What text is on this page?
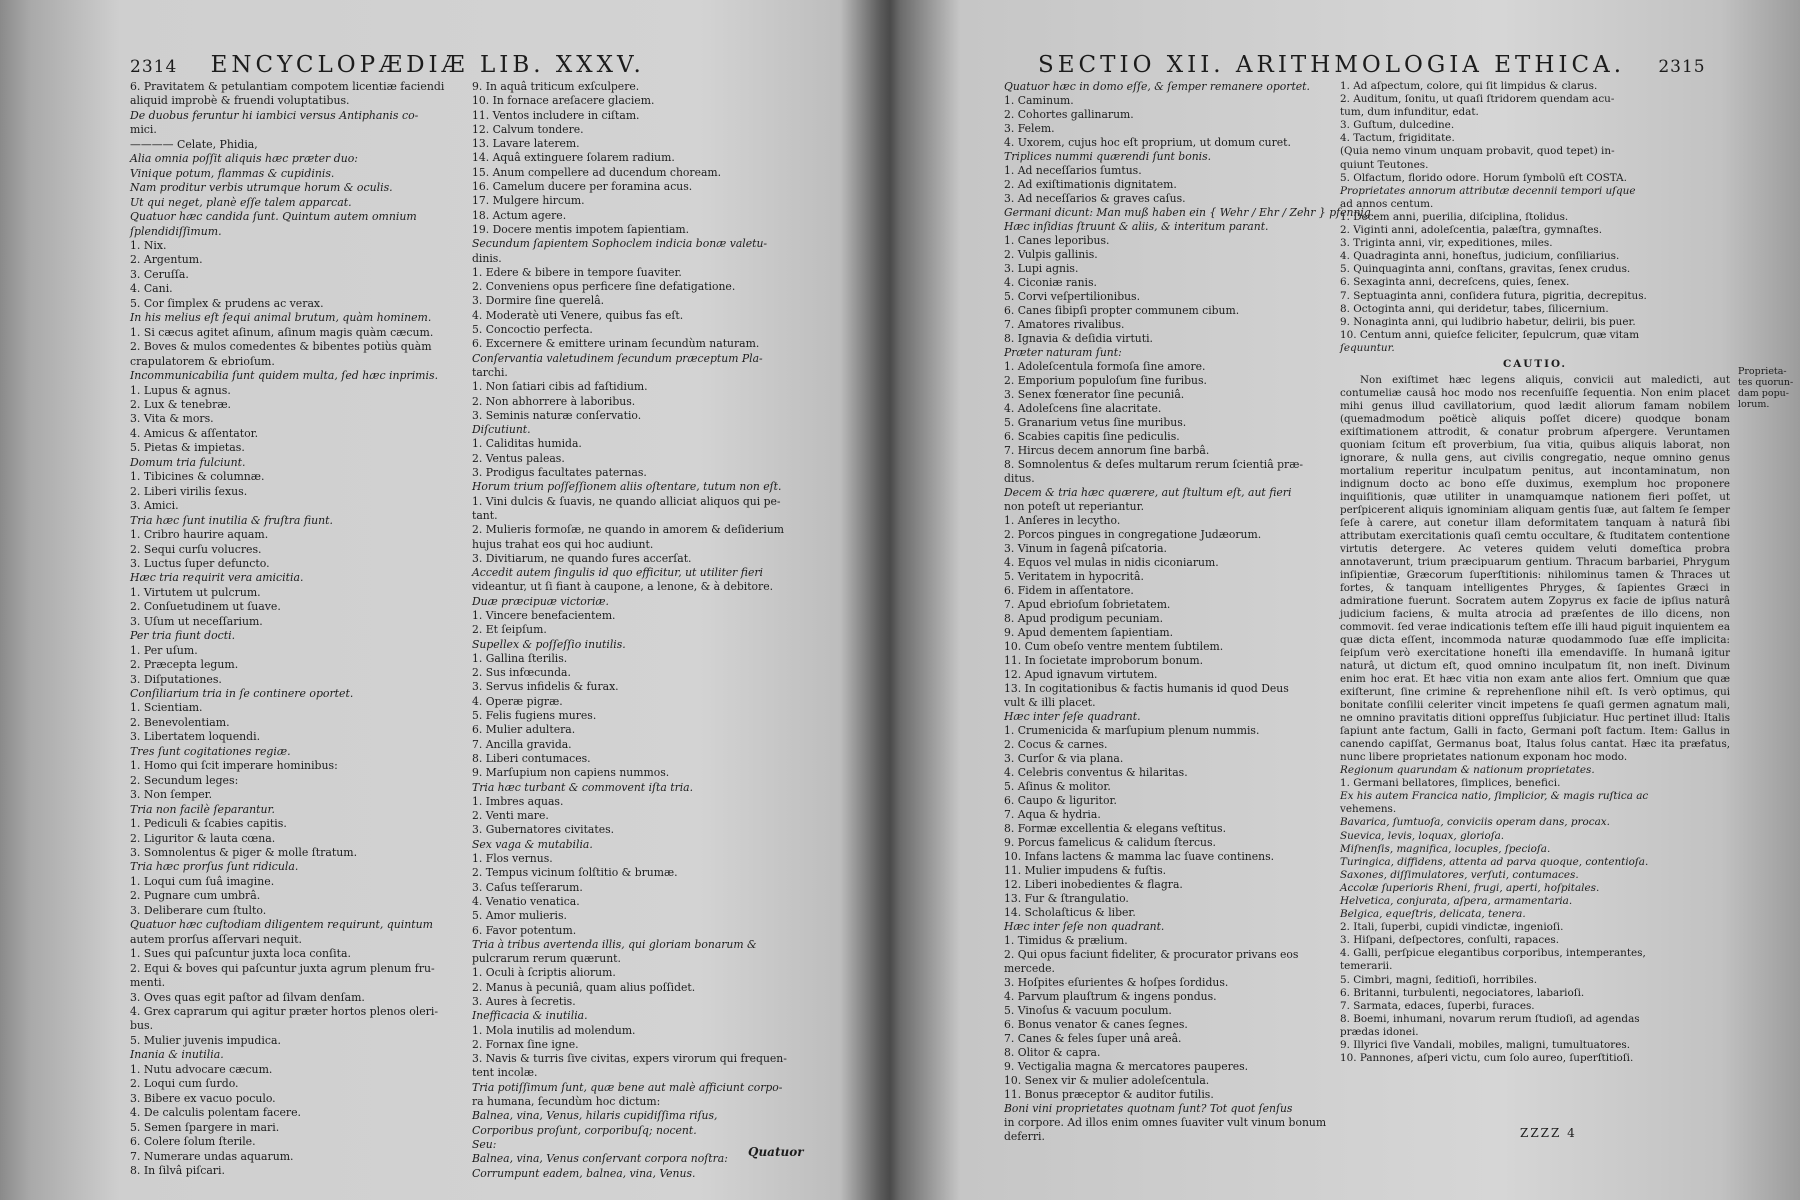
2314 ENCYCLOPÆDIÆ LIB. XXXV.

6. Pravitatem & petulantiam compotem licentiæ faciendi

aliquid improbè & fruendi voluptatibus.

De duobus feruntur hi iambici versus Antiphanis co-

mici.

———— Celate, Phidia,

Alia omnia poſſit aliquis hæc præter duo:

Vinique potum, flammas & cupidinis.

Nam proditur verbis utrumque horum & oculis.

Ut qui neget, planè eſſe talem apparcat.

Quatuor hæc candida ſunt. Quintum autem omnium

ſplendidiſſimum.

1. Nix.

2. Argentum.

3. Ceruſſa.

4. Cani.

5. Cor ſimplex & prudens ac verax.

In his melius eſt ſequi animal brutum, quàm hominem.

1. Si cæcus agitet aſinum, aſinum magis quàm cæcum.

2. Boves & mulos comedentes & bibentes potiùs quàm

crapulatorem & ebrioſum.

Incommunicabilia ſunt quidem multa, ſed hæc inprimis.

1. Lupus & agnus.

2. Lux & tenebræ.

3. Vita & mors.

4. Amicus & aſſentator.

5. Pietas & impietas.

Domum tria fulciunt.

1. Tibicines & columnæ.

2. Liberi virilis ſexus.

3. Amici.

Tria hæc ſunt inutilia & fruſtra fiunt.

1. Cribro haurire aquam.

2. Sequi curſu volucres.

3. Luctus ſuper defuncto.

Hæc tria requirit vera amicitia.

1. Virtutem ut pulcrum.

2. Conſuetudinem ut ſuave.

3. Uſum ut neceſſarium.

Per tria fiunt docti.

1. Per uſum.

2. Præcepta legum.

3. Diſputationes.

Conſiliarium tria in ſe continere oportet.

1. Scientiam.

2. Benevolentiam.

3. Libertatem loquendi.

Tres ſunt cogitationes regiæ.

1. Homo qui ſcit imperare hominibus:

2. Secundum leges:

3. Non ſemper.

Tria non facilè ſeparantur.

1. Pediculi & ſcabies capitis.

2. Liguritor & lauta cœna.

3. Somnolentus & piger & molle ſtratum.

Tria hæc prorſus ſunt ridicula.

1. Loqui cum ſuâ imagine.

2. Pugnare cum umbrâ.

3. Deliberare cum ſtulto.

Quatuor hæc cuſtodiam diligentem requirunt, quintum

autem prorſus aſſervari nequit.

1. Sues qui paſcuntur juxta loca conſita.

2. Equi & boves qui paſcuntur juxta agrum plenum fru-

menti.

3. Oves quas egit paſtor ad ſilvam denſam.

4. Grex caprarum qui agitur præter hortos plenos oleri-

bus.

5. Mulier juvenis impudica.

Inania & inutilia.

1. Nutu advocare cæcum.

2. Loqui cum ſurdo.

3. Bibere ex vacuo poculo.

4. De calculis polentam facere.

5. Semen ſpargere in mari.

6. Colere ſolum ſterile.

7. Numerare undas aquarum.

8. In ſilvâ piſcari.

9. In aquâ triticum exſculpere.

10. In fornace areſacere glaciem.

11. Ventos includere in ciſtam.

12. Calvum tondere.

13. Lavare laterem.

14. Aquâ extinguere ſolarem radium.

15. Anum compellere ad ducendum choream.

16. Camelum ducere per foramina acus.

17. Mulgere hircum.

18. Actum agere.

19. Docere mentis impotem ſapientiam.

Secundum ſapientem Sophoclem indicia bonæ valetu-

dinis.

1. Edere & bibere in tempore ſuaviter.

2. Conveniens opus perficere ſine defatigatione.

3. Dormire ſine querelâ.

4. Moderatè uti Venere, quibus fas eſt.

5. Concoctio perfecta.

6. Excernere & emittere urinam ſecundùm naturam.

Conſervantia valetudinem ſecundum præceptum Pla-

tarchi.

1. Non ſatiari cibis ad faſtidium.

2. Non abhorrere à laboribus.

3. Seminis naturæ conſervatio.

Diſcutiunt.

1. Caliditas humida.

2. Ventus paleas.

3. Prodigus facultates paternas.

Horum trium poſſeſſionem aliis oſtentare, tutum non eſt.

1. Vini dulcis & ſuavis, ne quando alliciat aliquos qui pe-

tant.

2. Mulieris formoſæ, ne quando in amorem & deſiderium

hujus trahat eos qui hoc audiunt.

3. Divitiarum, ne quando fures accerſat.

Accedit autem ſingulis id quo efficitur, ut utiliter fieri

videantur, ut ſi fiant à caupone, a lenone, & à debitore.

Duæ præcipuæ victoriæ.

1. Vincere benefacientem.

2. Et ſeipſum.

Supellex & poſſeſſio inutilis.

1. Gallina ſterilis.

2. Sus infœcunda.

3. Servus infidelis & furax.

4. Operæ pigræ.

5. Felis fugiens mures.

6. Mulier adultera.

7. Ancilla gravida.

8. Liberi contumaces.

9. Marſupium non capiens nummos.

Tria hæc turbant & commovent iſta tria.

1. Imbres aquas.

2. Venti mare.

3. Gubernatores civitates.

Sex vaga & mutabilia.

1. Flos vernus.

2. Tempus vicinum ſolſtitio & brumæ.

3. Caſus teſſerarum.

4. Venatio venatica.

5. Amor mulieris.

6. Favor potentum.

Tria à tribus avertenda illis, qui gloriam bonarum &

pulcrarum rerum quærunt.

1. Oculi à ſcriptis aliorum.

2. Manus à pecuniâ, quam alius poſſidet.

3. Aures à ſecretis.

Inefficacia & inutilia.

1. Mola inutilis ad molendum.

2. Fornax ſine igne.

3. Navis & turris ſive civitas, expers virorum qui frequen-

tent incolæ.

Tria potiſſimum ſunt, quæ bene aut malè afficiunt corpo-

ra humana, ſecundùm hoc dictum:

Balnea, vina, Venus, hilaris cupidiſſima riſus,

Corporibus proſunt, corporibuſq; nocent.

Seu:

Balnea, vina, Venus conſervant corpora noſtra:

Corrumpunt eadem, balnea, vina, Venus.

Quatuor
SECTIO XII. ARITHMOLOGIA ETHICA. 2315

Quatuor hæc in domo eſſe, & ſemper remanere oportet.

1. Caminum.

2. Cohortes gallinarum.

3. Felem.

4. Uxorem, cujus hoc eſt proprium, ut domum curet.

Triplices nummi quærendi ſunt bonis.

1. Ad neceſſarios ſumtus.

2. Ad exiſtimationis dignitatem.

3. Ad neceſſarios & graves caſus.

Germani dicunt: Man muß haben ein { Wehr / Ehr / Zehr } pfennig.

Hæc inſidias ſtruunt & aliis, & interitum parant.

1. Canes leporibus.

2. Vulpis gallinis.

3. Lupi agnis.

4. Ciconiæ ranis.

5. Corvi veſpertilionibus.

6. Canes ſibipſi propter communem cibum.

7. Amatores rivalibus.

8. Ignavia & deſidia virtuti.

Præter naturam ſunt:

1. Adoleſcentula formoſa ſine amore.

2. Emporium populoſum ſine furibus.

3. Senex fœnerator ſine pecuniâ.

4. Adoleſcens ſine alacritate.

5. Granarium vetus ſine muribus.

6. Scabies capitis ſine pediculis.

7. Hircus decem annorum ſine barbâ.

8. Somnolentus & deſes multarum rerum ſcientiâ præ-

ditus.

Decem & tria hæc quærere, aut ſtultum eſt, aut fieri

non poteſt ut reperiantur.

1. Anſeres in lecytho.

2. Porcos pingues in congregatione Judæorum.

3. Vinum in ſagenâ piſcatoria.

4. Equos vel mulas in nidis ciconiarum.

5. Veritatem in hypocritâ.

6. Fidem in aſſentatore.

7. Apud ebrioſum ſobrietatem.

8. Apud prodigum pecuniam.

9. Apud dementem ſapientiam.

10. Cum obeſo ventre mentem ſubtilem.

11. In ſocietate improborum bonum.

12. Apud ignavum virtutem.

13. In cogitationibus & factis humanis id quod Deus

vult & illi placet.

Hæc inter ſeſe quadrant.

1. Crumenicida & marſupium plenum nummis.

2. Cocus & carnes.

3. Curſor & via plana.

4. Celebris conventus & hilaritas.

5. Aſinus & molitor.

6. Caupo & liguritor.

7. Aqua & hydria.

8. Formæ excellentia & elegans veſtitus.

9. Porcus famelicus & calidum ſtercus.

10. Infans lactens & mamma lac ſuave continens.

11. Mulier impudens & fuſtis.

12. Liberi inobedientes & flagra.

13. Fur & ſtrangulatio.

14. Scholaſticus & liber.

Hæc inter ſeſe non quadrant.

1. Timidus & prælium.

2. Qui opus faciunt fideliter, & procurator privans eos

mercede.

3. Hoſpites eſurientes & hoſpes ſordidus.

4. Parvum plauſtrum & ingens pondus.

5. Vinoſus & vacuum poculum.

6. Bonus venator & canes ſegnes.

7. Canes & feles ſuper unâ areâ.

8. Olitor & capra.

9. Vectigalia magna & mercatores pauperes.

10. Senex vir & mulier adoleſcentula.

11. Bonus præceptor & auditor futilis.

Boni vini proprietates quotnam ſunt? Tot quot ſenſus

in corpore. Ad illos enim omnes ſuaviter vult vinum bonum

deferri.

1. Ad aſpectum, colore, qui ſit limpidus & clarus.

2. Auditum, ſonitu, ut quaſi ſtridorem quendam acu-

tum, dum infunditur, edat.

3. Guſtum, dulcedine.

4. Tactum, frigiditate.

(Quia nemo vinum unquam probavit, quod tepet) in-

quiunt Teutones.

5. Olfactum, florido odore. Horum ſymbolū eſt COSTA.

Proprietates annorum attributæ decennii tempori uſque

ad annos centum.

1. Decem anni, puerilia, diſciplina, ſtolidus.

2. Viginti anni, adoleſcentia, palæſtra, gymnaſtes.

3. Triginta anni, vir, expeditiones, miles.

4. Quadraginta anni, honeſtus, judicium, conſiliarius.

5. Quinquaginta anni, conſtans, gravitas, ſenex crudus.

6. Sexaginta anni, decreſcens, quies, ſenex.

7. Septuaginta anni, conſidera futura, pigritia, decrepitus.

8. Octoginta anni, qui deridetur, tabes, ſilicernium.

9. Nonaginta anni, qui ludibrio habetur, delirii, bis puer.

10. Centum anni, quieſce feliciter, ſepulcrum, quæ vitam

ſequuntur.

CAUTIO.

Non exiſtimet hæc legens aliquis, convicii aut maledicti, aut contumeliæ causâ hoc modo nos recenſuiſſe ſequentia. Non enim placet mihi genus illud cavillatorium, quod lædit aliorum famam nobilem (quemadmodum poëticè aliquis poſſet dicere) quodque bonam exiſtimationem attrodit, & conatur probrum aſpergere. Veruntamen quoniam ſcitum eſt proverbium, ſua vitia, quibus aliquis laborat, non ignorare, & nulla gens, aut civilis congregatio, neque omnino genus mortalium reperitur inculpatum penitus, aut incontaminatum, non indignum docto ac bono eſſe duximus, exemplum hoc proponere inquiſitionis, quæ utiliter in unamquamque nationem fieri poſſet, ut perſpicerent aliquis ignominiam aliquam gentis ſuæ, aut ſaltem ſe ſemper ſeſe à carere, aut conetur illam deformitatem tanquam à naturâ ſibi attributam exercitationis quaſi cemtu occultare, & ſtuditatem contentione virtutis detergere. Ac veteres quidem veluti domeſtica probra annotaverunt, trium præcipuarum gentium. Thracum barbariei, Phrygum inſipientiæ, Græcorum ſuperſtitionis: nihilominus tamen & Thraces ut fortes, & tanquam intelligentes Phryges, & ſapientes Græci in admiratione fuerunt. Socratem autem Zopyrus ex facie de ipſius naturâ judicium faciens, & multa atrocia ad præſentes de illo dicens, non commovit. ſed verae indicationis teſtem eſſe illi haud piguit inquientem ea quæ dicta eſſent, incommoda naturæ quodammodo ſuæ eſſe implicita: ſeipſum verò exercitatione honeſti illa emendaviſſe. In humanâ igitur naturâ, ut dictum eſt, quod omnino inculpatum ſit, non ineſt. Divinum enim hoc erat. Et hæc vitia non exam ante alios fert. Omnium que quæ exiſterunt, ſine crimine & reprehenſione nihil eſt. Is verò optimus, qui bonitate conſilii celeriter vincit impetens ſe quaſi germen agnatum mali, ne omnino pravitatis ditioni oppreſſus ſubjiciatur. Huc pertinet illud: Italis ſapiunt ante factum, Galli in facto, Germani poſt factum. Item: Gallus in canendo capiſſat, Germanus boat, Italus ſolus cantat. Hæc ita præfatus, nunc libere proprietates nationum exponam hoc modo.

Regionum quarundam & nationum proprietates.

1. Germani bellatores, ſimplices, benefici.

Ex his autem Francica natio, ſimplicior, & magis ruſtica ac

vehemens.

Bavarica, ſumtuoſa, conviciis operam dans, procax.

Suevica, levis, loquax, glorioſa.

Miſnenſis, magnifica, locuples, ſpecioſa.

Turingica, diffidens, attenta ad parva quoque, contentioſa.

Saxones, diſſimulatores, verſuti, contumaces.

Accolæ ſuperioris Rheni, frugi, aperti, hoſpitales.

Helvetica, conjurata, aſpera, armamentaria.

Belgica, equeſtris, delicata, tenera.

2. Itali, ſuperbi, cupidi vindictæ, ingenioſi.

3. Hiſpani, deſpectores, conſulti, rapaces.

4. Galli, perſpicue elegantibus corporibus, intemperantes,

temerarii.

5. Cimbri, magni, ſeditioſi, horribiles.

6. Britanni, turbulenti, negociatores, labarioſi.

7. Sarmata, edaces, ſuperbi, furaces.

8. Boemi, inhumani, novarum rerum ſtudioſi, ad agendas

prædas idonei.

9. Illyrici ſive Vandali, mobiles, maligni, tumultuatores.

10. Pannones, aſperi victu, cum ſolo aureo, ſuperſtitioſi.

Proprieta-

tes quorun-

dam popu-

lorum.

ZZZZ 4
